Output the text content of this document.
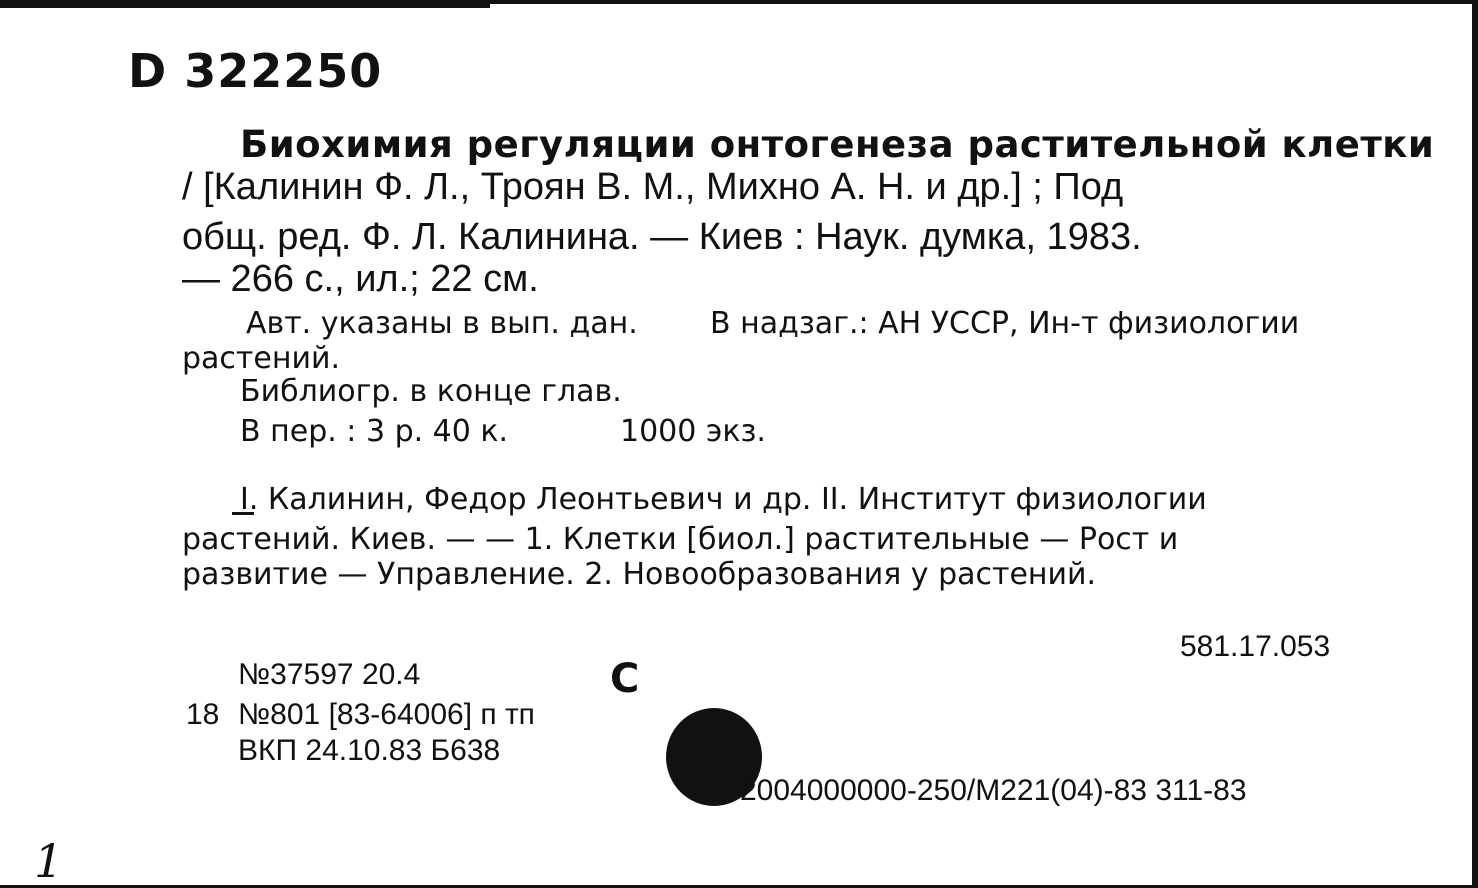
D 322250
Биохимия регуляции онтогенеза растительной клетки
/ [Калинин Ф. Л., Троян В. М., Михно А. Н. и др.] ; Под
общ. ред. Ф. Л. Калинина. — Киев : Наук. думка, 1983.
— 266 с., ил.; 22 см.
Авт. указаны в вып. дан. В надзаг.: АН УССР, Ин-т физиологии
растений.
Библиогр. в конце глав.
В пер. : 3 р. 40 к.	1000 экз.
I. Калинин, Федор Леонтьевич и др. II. Институт физиологии
растений. Киев. — — 1. Клетки [биол.] растительные — Рост и
развитие — Управление. 2. Новообразования у растений.
581.17.053
№37597 20.4	C
18 №801 [83-64006] п тп
ВКП 24.10.83 Б638
2004000000-250/M221(04)-83 311-83
1
